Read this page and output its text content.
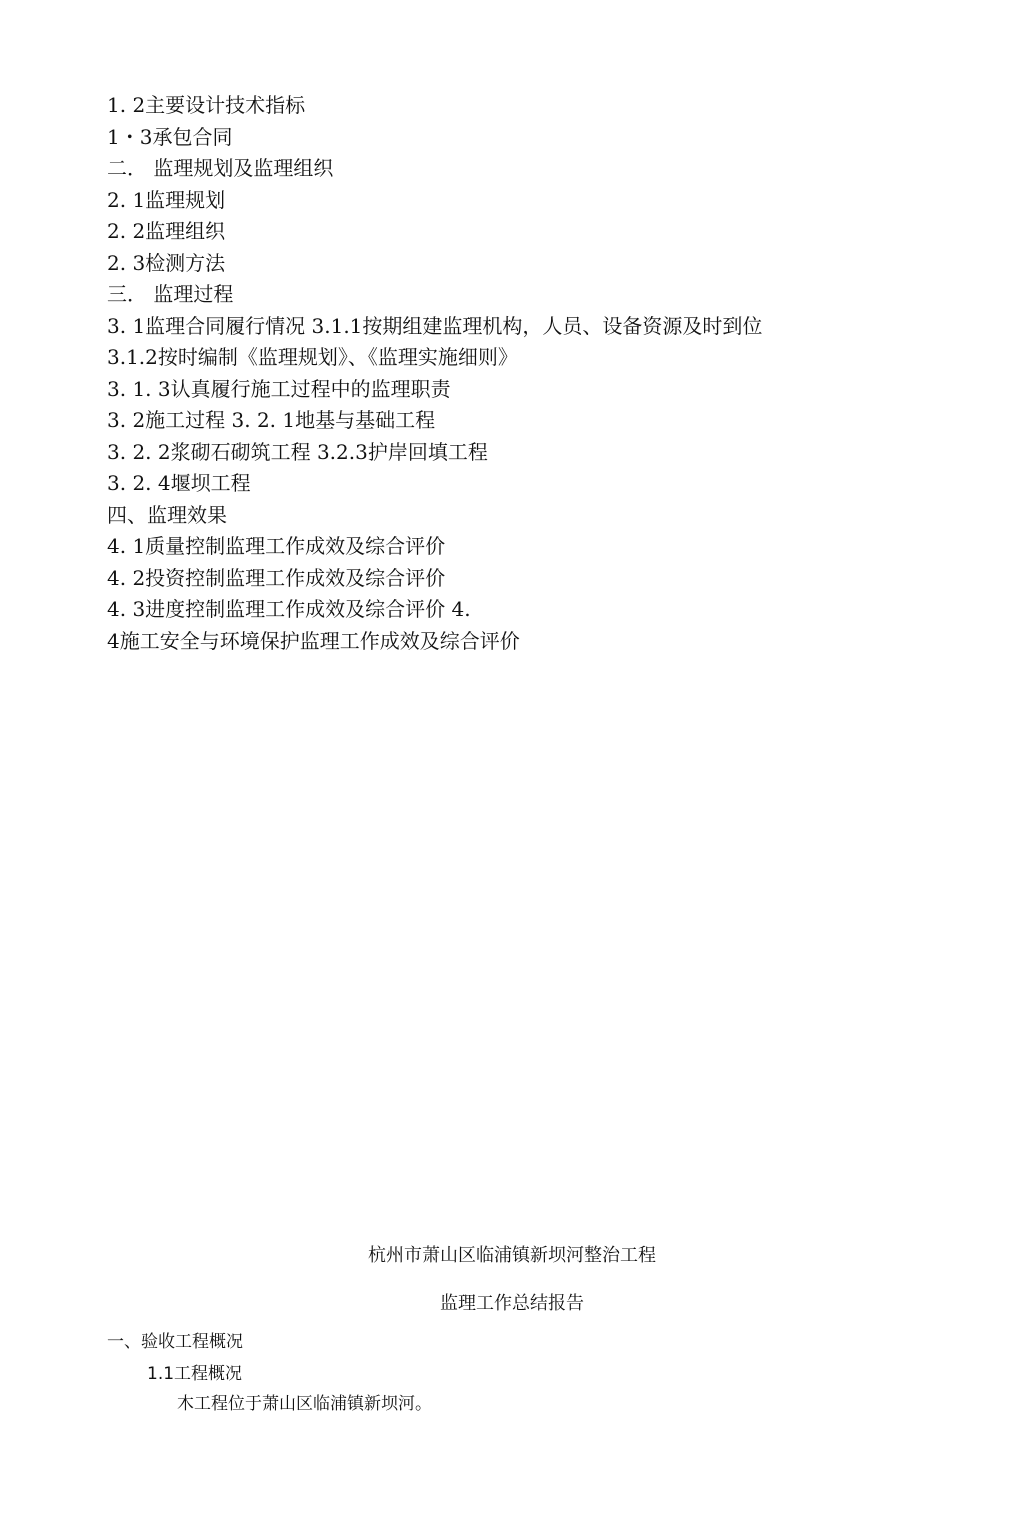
1. 2主要设计技术指标
1・3承包合同
二． 监理规划及监理组织
2. 1监理规划
2. 2监理组织
2. 3检测方法
三． 监理过程
3. 1监理合同履行情况 3.1.1按期组建监理机构，人员、设备资源及时到位
3.1.2按时编制《监理规划》、《监理实施细则》
3. 1. 3认真履行施工过程中的监理职责
3. 2施工过程 3. 2. 1地基与基础工程
3. 2. 2浆砌石砌筑工程 3.2.3护岸回填工程
3. 2. 4堰坝工程
四、监理效果
4. 1质量控制监理工作成效及综合评价
4. 2投资控制监理工作成效及综合评价
4. 3进度控制监理工作成效及综合评价 4.
4施工安全与环境保护监理工作成效及综合评价
杭州市萧山区临浦镇新坝河整治工程
监理工作总结报告
一、验收工程概况
1.1工程概况
木工程位于萧山区临浦镇新坝河。
